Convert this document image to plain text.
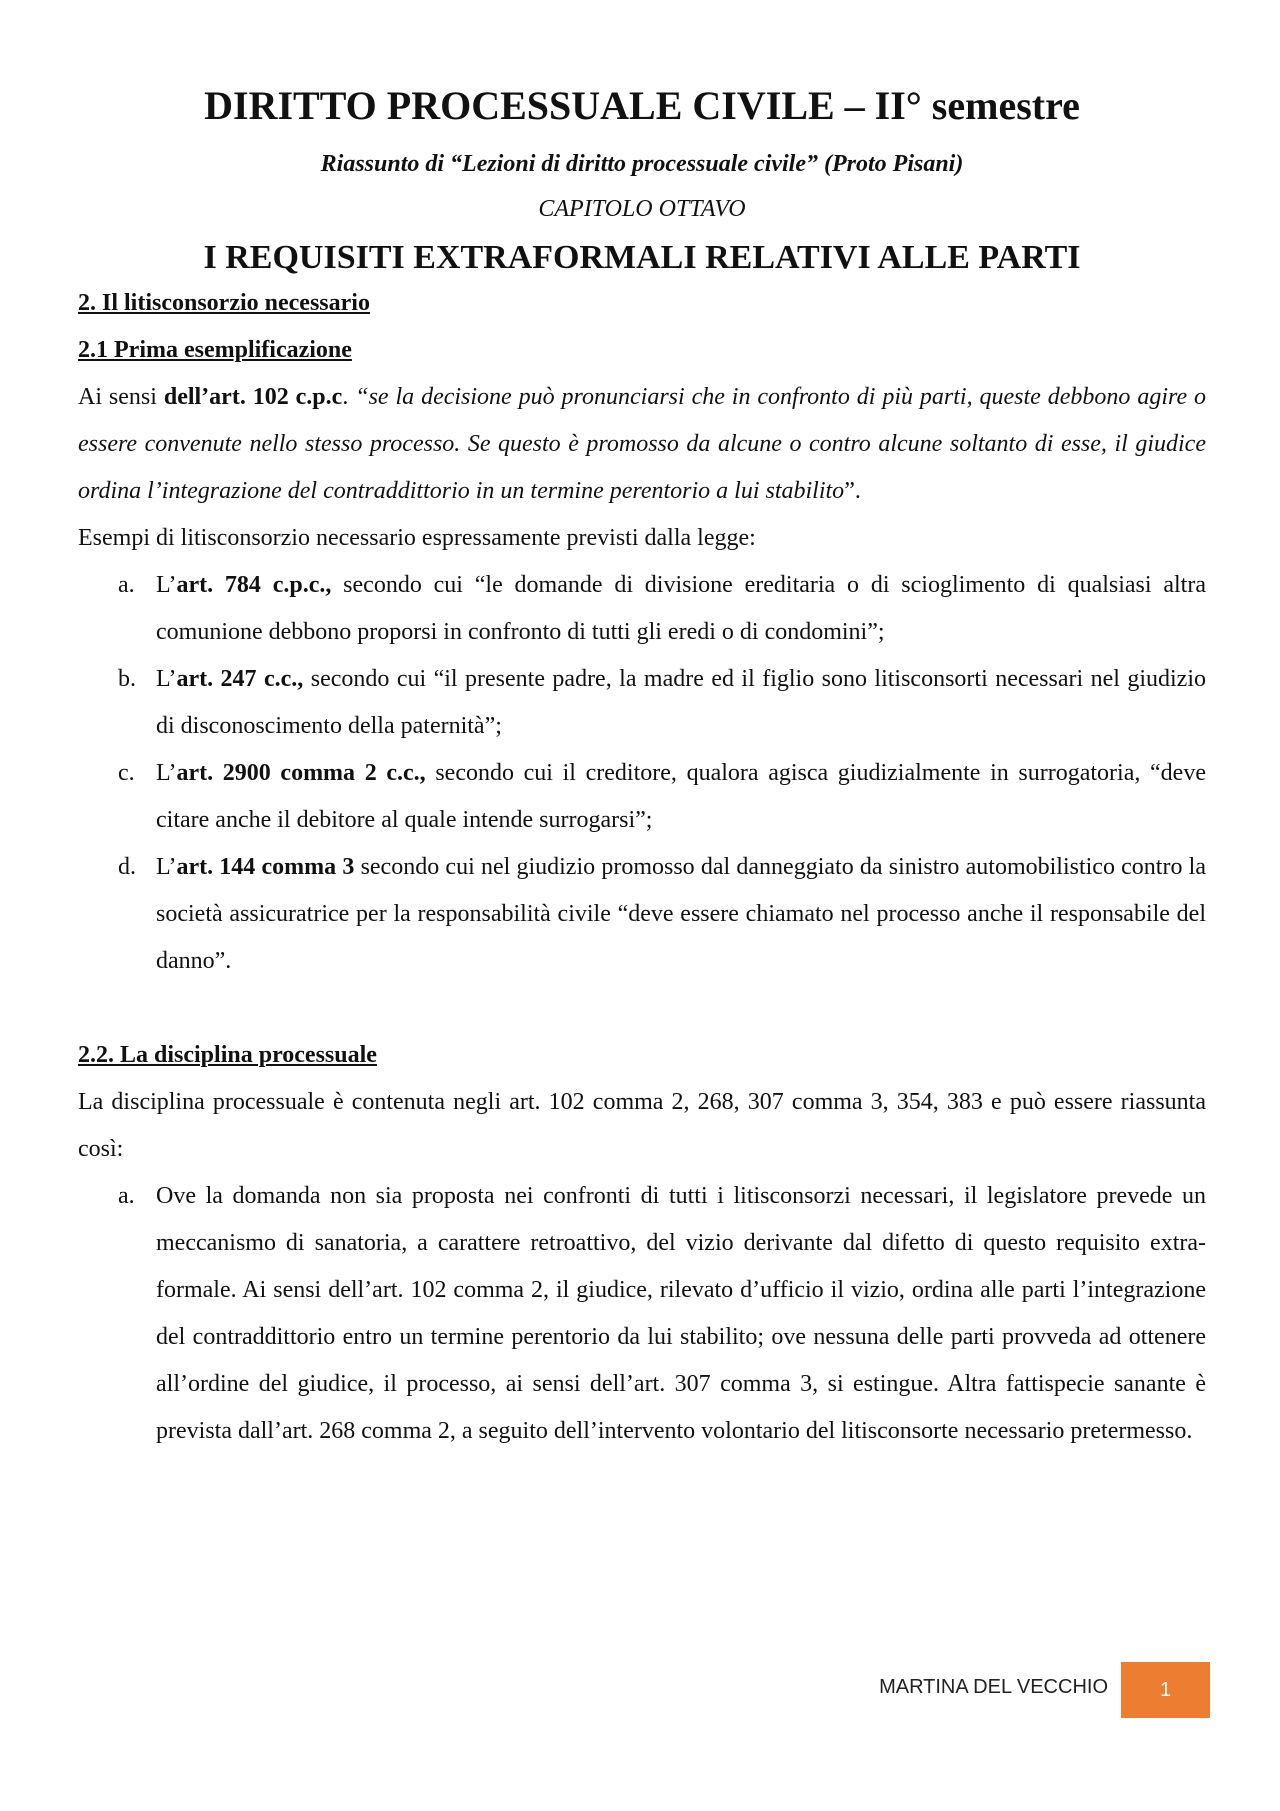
DIRITTO PROCESSUALE CIVILE – II° semestre
Riassunto di “Lezioni di diritto processuale civile” (Proto Pisani)
CAPITOLO OTTAVO
I REQUISITI EXTRAFORMALI RELATIVI ALLE PARTI
2. Il litisconsorzio necessario
2.1 Prima esemplificazione

Ai sensi dell’art. 102 c.p.c. “se la decisione può pronunciarsi che in confronto di più parti, queste debbono agire o essere convenute nello stesso processo. Se questo è promosso da alcune o contro alcune soltanto di esse, il giudice ordina l’integrazione del contraddittorio in un termine perentorio a lui stabilito”.

Esempi di litisconsorzio necessario espressamente previsti dalla legge:

a. L’art. 784 c.p.c., secondo cui “le domande di divisione ereditaria o di scioglimento di qualsiasi altra comunione debbono proporsi in confronto di tutti gli eredi o di condomini”;
b. L’art. 247 c.c., secondo cui “il presente padre, la madre ed il figlio sono litisconsorti necessari nel giudizio di disconoscimento della paternità”;
c. L’art. 2900 comma 2 c.c., secondo cui il creditore, qualora agisca giudizialmente in surrogatoria, “deve citare anche il debitore al quale intende surrogarsi”;
d. L’art. 144 comma 3 secondo cui nel giudizio promosso dal danneggiato da sinistro automobilistico contro la società assicuratrice per la responsabilità civile “deve essere chiamato nel processo anche il responsabile del danno”.
2.2. La disciplina processuale

La disciplina processuale è contenuta negli art. 102 comma 2, 268, 307 comma 3, 354, 383 e può essere riassunta così:

a. Ove la domanda non sia proposta nei confronti di tutti i litisconsorzi necessari, il legislatore prevede un meccanismo di sanatoria, a carattere retroattivo, del vizio derivante dal difetto di questo requisito extra-formale. Ai sensi dell’art. 102 comma 2, il giudice, rilevato d’ufficio il vizio, ordina alle parti l’integrazione del contraddittorio entro un termine perentorio da lui stabilito; ove nessuna delle parti provveda ad ottenere all’ordine del giudice, il processo, ai sensi dell’art. 307 comma 3, si estingue. Altra fattispecie sanante è prevista dall’art. 268 comma 2, a seguito dell’intervento volontario del litisconsorte necessario pretermesso.
MARTINA DEL VECCHIO	1
